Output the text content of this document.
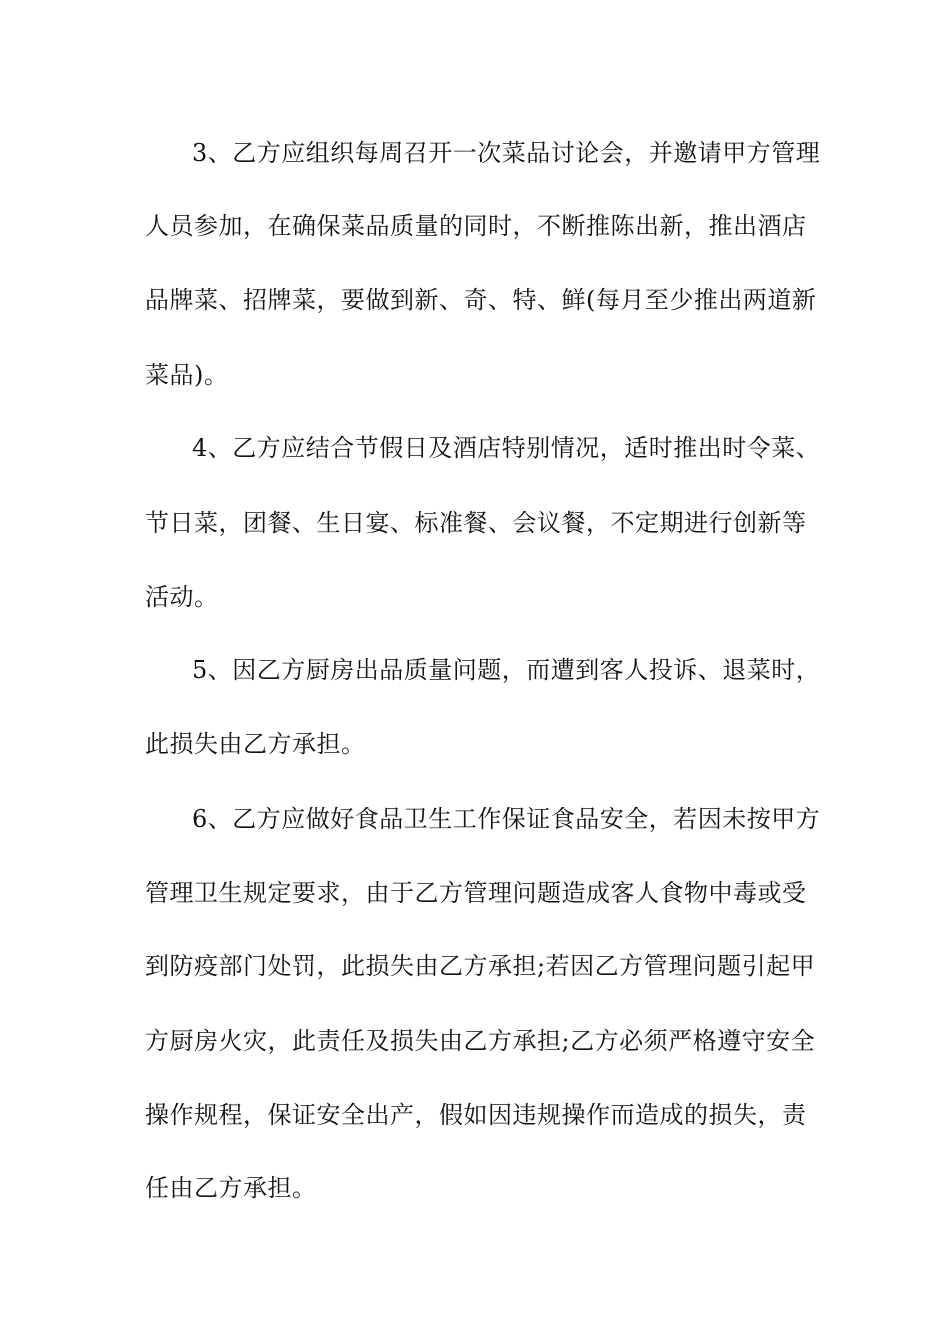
3、乙方应组织每周召开一次菜品讨论会，并邀请甲方管理
人员参加，在确保菜品质量的同时，不断推陈出新，推出酒店
品牌菜、招牌菜，要做到新、奇、特、鲜(每月至少推出两道新
菜品)。
4、乙方应结合节假日及酒店特别情况，适时推出时令菜、
节日菜，团餐、生日宴、标准餐、会议餐，不定期进行创新等
活动。
5、因乙方厨房出品质量问题，而遭到客人投诉、退菜时，
此损失由乙方承担。
6、乙方应做好食品卫生工作保证食品安全，若因未按甲方
管理卫生规定要求，由于乙方管理问题造成客人食物中毒或受
到防疫部门处罚，此损失由乙方承担;若因乙方管理问题引起甲
方厨房火灾，此责任及损失由乙方承担;乙方必须严格遵守安全
操作规程，保证安全出产，假如因违规操作而造成的损失，责
任由乙方承担。
